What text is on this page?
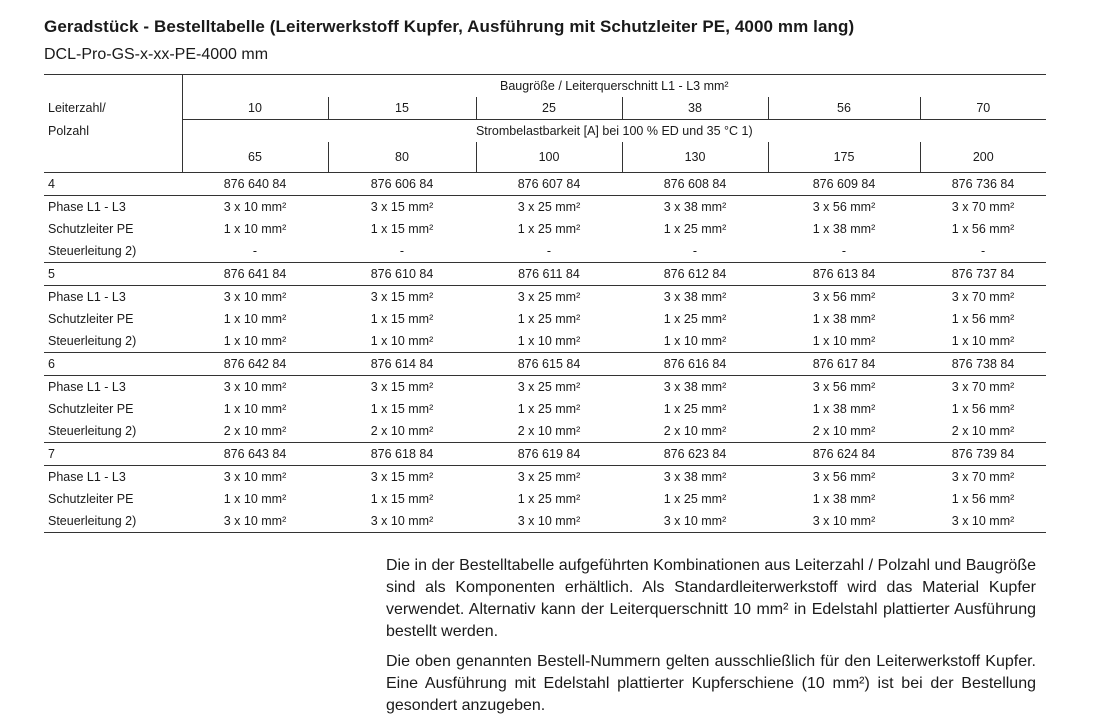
Geradstück - Bestelltabelle (Leiterwerkstoff Kupfer, Ausführung mit Schutzleiter PE, 4000 mm lang)
DCL-Pro-GS-x-xx-PE-4000 mm
	Baugröße / Leiterquerschnitt L1 - L3 mm²					
Leiterzahl/	10	15	25	38	56	70
Polzahl	Strombelastbarkeit [A] bei 100 % ED und 35 °C 1)					
	65	80	100	130	175	200
4	876 640 84	876 606 84	876 607 84	876 608 84	876 609 84	876 736 84
Phase L1 - L3	3 x 10 mm²	3 x 15 mm²	3 x 25 mm²	3 x 38 mm²	3 x 56 mm²	3 x 70 mm²
Schutzleiter PE	1 x 10 mm²	1 x 15 mm²	1 x 25 mm²	1 x 25 mm²	1 x 38 mm²	1 x 56 mm²
Steuerleitung 2)	-	-	-	-	-	-
5	876 641 84	876 610 84	876 611 84	876 612 84	876 613 84	876 737 84
Phase L1 - L3	3 x 10 mm²	3 x 15 mm²	3 x 25 mm²	3 x 38 mm²	3 x 56 mm²	3 x 70 mm²
Schutzleiter PE	1 x 10 mm²	1 x 15 mm²	1 x 25 mm²	1 x 25 mm²	1 x 38 mm²	1 x 56 mm²
Steuerleitung 2)	1 x 10 mm²	1 x 10 mm²	1 x 10 mm²	1 x 10 mm²	1 x 10 mm²	1 x 10 mm²
6	876 642 84	876 614 84	876 615 84	876 616 84	876 617 84	876 738 84
Phase L1 - L3	3 x 10 mm²	3 x 15 mm²	3 x 25 mm²	3 x 38 mm²	3 x 56 mm²	3 x 70 mm²
Schutzleiter PE	1 x 10 mm²	1 x 15 mm²	1 x 25 mm²	1 x 25 mm²	1 x 38 mm²	1 x 56 mm²
Steuerleitung 2)	2 x 10 mm²	2 x 10 mm²	2 x 10 mm²	2 x 10 mm²	2 x 10 mm²	2 x 10 mm²
7	876 643 84	876 618 84	876 619 84	876 623 84	876 624 84	876 739 84
Phase L1 - L3	3 x 10 mm²	3 x 15 mm²	3 x 25 mm²	3 x 38 mm²	3 x 56 mm²	3 x 70 mm²
Schutzleiter PE	1 x 10 mm²	1 x 15 mm²	1 x 25 mm²	1 x 25 mm²	1 x 38 mm²	1 x 56 mm²
Steuerleitung 2)	3 x 10 mm²	3 x 10 mm²	3 x 10 mm²	3 x 10 mm²	3 x 10 mm²	3 x 10 mm²

Die in der Bestelltabelle aufgeführten Kombinationen aus Leiterzahl / Polzahl und Baugröße sind als Komponenten erhältlich. Als Standardleiterwerkstoff wird das Material Kupfer verwendet. Alternativ kann der Leiterquerschnitt 10 mm² in Edelstahl plattierter Ausführung bestellt werden.

Die oben genannten Bestell-Nummern gelten ausschließlich für den Leiterwerkstoff Kupfer. Eine Ausführung mit Edelstahl plattierter Kupferschiene (10 mm²) ist bei der Bestellung gesondert anzugeben.
